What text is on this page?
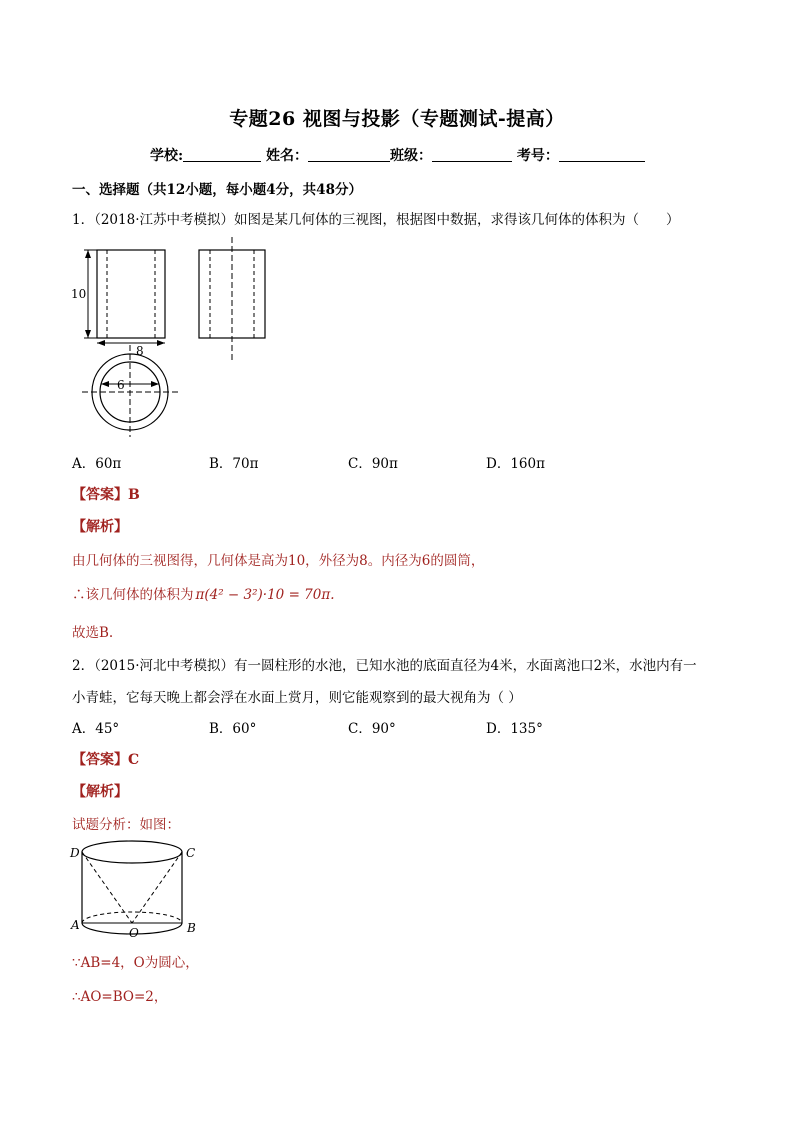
专题26 视图与投影（专题测试-提高）
学校:	姓名：	班级：	考号：
一、选择题（共12小题，每小题4分，共48分）
1．（2018·江苏中考模拟）如图是某几何体的三视图，根据图中数据，求得该几何体的体积为（　　）
10
8
6
A．60π	B．70π	C．90π	D．160π
【答案】B
【解析】
由几何体的三视图得，几何体是高为10，外径为8。内径为6的圆筒，
∴该几何体的体积为 π(4² − 3²)·10 = 70π.
故选B.
2．（2015·河北中考模拟）有一圆柱形的水池，已知水池的底面直径为4米，水面离池口2米，水池内有一
小青蛙，它每天晚上都会浮在水面上赏月，则它能观察到的最大视角为（ ）
A．45°	B．60°	C．90°	D．135°
【答案】C
【解析】
试题分析：如图：
D	C
A	B
O
∵AB=4，O为圆心，
∴AO=BO=2，
